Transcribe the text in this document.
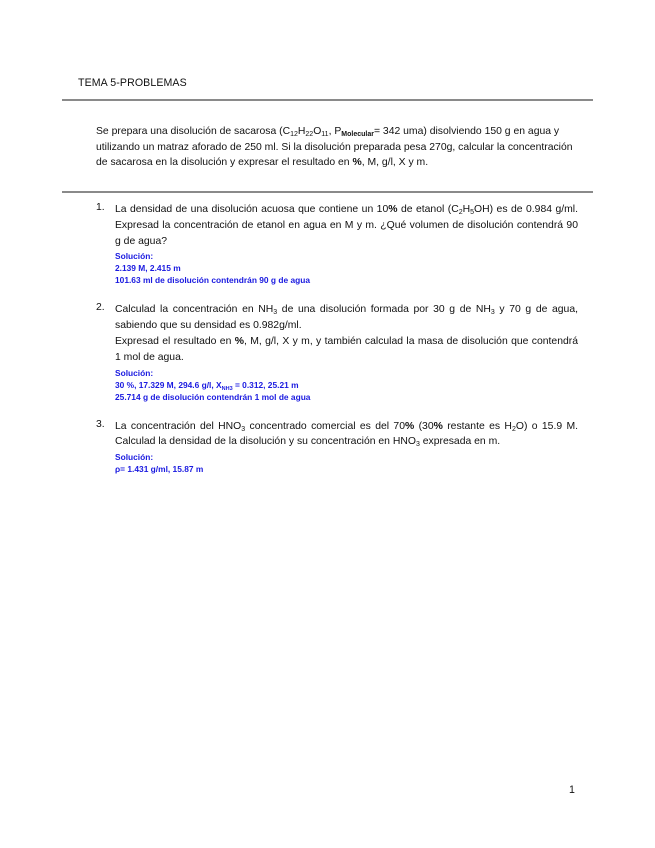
TEMA 5-PROBLEMAS
Se prepara una disolución de sacarosa ($C_{12}H_{22}O_{11}$, $P_{Molecular}= 342$ uma) disolviendo 150 g en agua y utilizando un matraz aforado de 250 ml. Si la disolución preparada pesa 270g, calcular la concentración de sacarosa en la disolución y expresar el resultado en %, M, g/l, X y m.
1. La densidad de una disolución acuosa que contiene un 10% de etanol $(C_2H_5OH)$ es de 0.984 g/ml. Expresad la concentración de etanol en agua en M y m. ¿Qué volumen de disolución contendrá 90 g de agua?
Solución:
2.139 M, 2.415 m
101.63 ml de disolución contendrán 90 g de agua
2. Calculad la concentración en $NH_3$ de una disolución formada por 30 g de $NH_3$ y 70 g de agua, sabiendo que su densidad es 0.982g/ml.
Expresad el resultado en %, M, g/l, X y m, y también calculad la masa de disolución que contendrá 1 mol de agua.
Solución:
30 %, 17.329 M, 294.6 g/l, $X_{NH3} = 0.312$, 25.21 m
25.714 g de disolución contendrán 1 mol de agua
3. La concentración del $HNO_3$ concentrado comercial es del 70% (30% restante es $H_2O$) o 15.9 M. Calculad la densidad de la disolución y su concentración en $HNO_3$ expresada en m.
Solución:
ρ= 1.431 g/ml, 15.87 m
1
